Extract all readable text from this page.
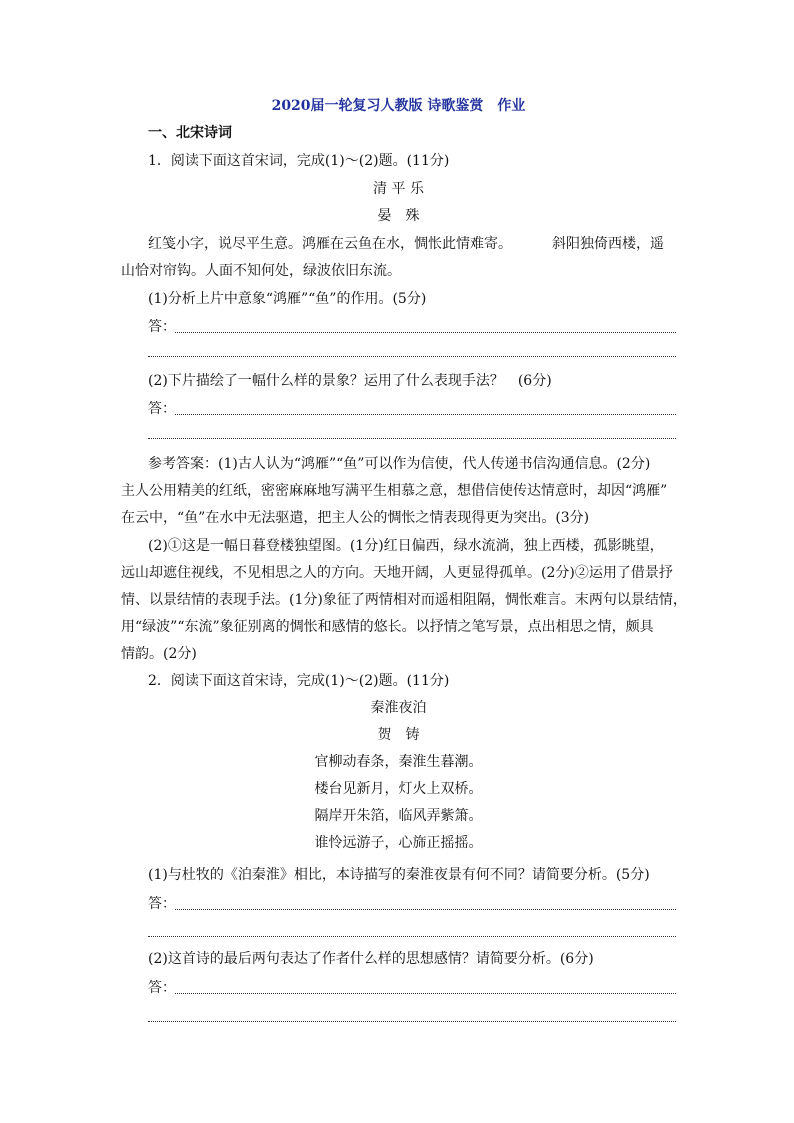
2020届一轮复习人教版 诗歌鉴赏　作业
一、北宋诗词
1．阅读下面这首宋词，完成(1)～(2)题。(11分)
清 平 乐
晏　殊
红笺小字，说尽平生意。鸿雁在云鱼在水，惆怅此情难寄。	斜阳独倚西楼，遥
山恰对帘钩。人面不知何处，绿波依旧东流。
(1)分析上片中意象“鸿雁”“鱼”的作用。(5分)
答：
(2)下片描绘了一幅什么样的景象？运用了什么表现手法？　(6分)
答：
参考答案：(1)古人认为“鸿雁”“鱼”可以作为信使，代人传递书信沟通信息。(2分)
主人公用精美的红纸，密密麻麻地写满平生相慕之意，想借信使传达情意时，却因“鸿雁”
在云中，“鱼”在水中无法驱遣，把主人公的惆怅之情表现得更为突出。(3分)
(2)①这是一幅日暮登楼独望图。(1分)红日偏西，绿水流淌，独上西楼，孤影眺望，
远山却遮住视线，不见相思之人的方向。天地开阔，人更显得孤单。(2分)②运用了借景抒
情、以景结情的表现手法。(1分)象征了两情相对而遥相阻隔，惆怅难言。末两句以景结情，
用“绿波”“东流”象征别离的惆怅和感情的悠长。以抒情之笔写景，点出相思之情，颇具
情韵。(2分)
2．阅读下面这首宋诗，完成(1)～(2)题。(11分)
秦淮夜泊
贺　铸
官柳动春条，秦淮生暮潮。
楼台见新月，灯火上双桥。
隔岸开朱箔，临风弄紫箫。
谁怜远游子，心旆正摇摇。
(1)与杜牧的《泊秦淮》相比，本诗描写的秦淮夜景有何不同？请简要分析。(5分)
答：
(2)这首诗的最后两句表达了作者什么样的思想感情？请简要分析。(6分)
答：
